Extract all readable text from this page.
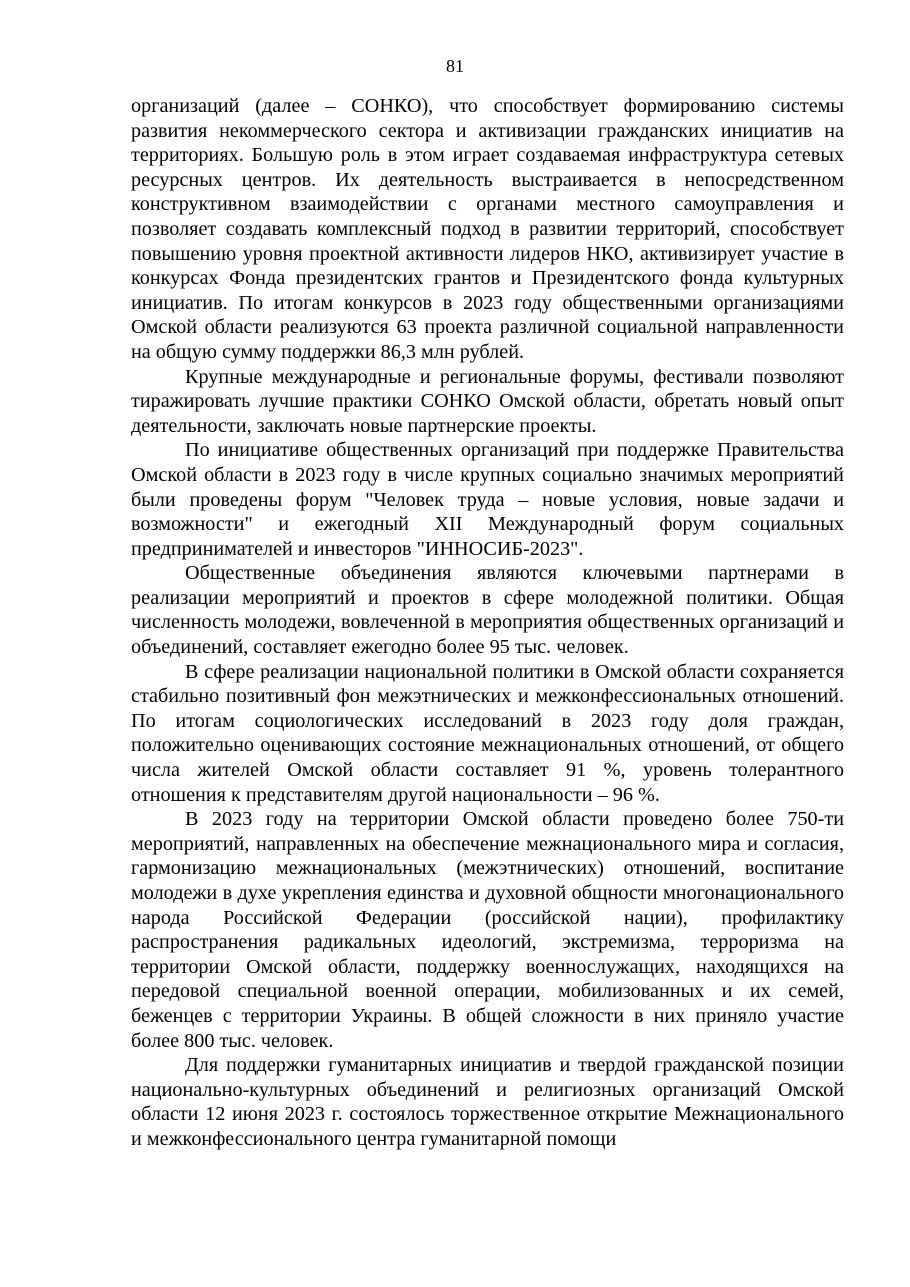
81

организаций (далее – СОНКО), что способствует формированию системы развития некоммерческого сектора и активизации гражданских инициатив на территориях. Большую роль в этом играет создаваемая инфраструктура сетевых ресурсных центров. Их деятельность выстраивается в непосредственном конструктивном взаимодействии с органами местного самоуправления и позволяет создавать комплексный подход в развитии территорий, способствует повышению уровня проектной активности лидеров НКО, активизирует участие в конкурсах Фонда президентских грантов и Президентского фонда культурных инициатив. По итогам конкурсов в 2023 году общественными организациями Омской области реализуются 63 проекта различной социальной направленности на общую сумму поддержки 86,3 млн рублей.

Крупные международные и региональные форумы, фестивали позволяют тиражировать лучшие практики СОНКО Омской области, обретать новый опыт деятельности, заключать новые партнерские проекты.

По инициативе общественных организаций при поддержке Правительства Омской области в 2023 году в числе крупных социально значимых мероприятий были проведены форум "Человек труда – новые условия, новые задачи и возможности" и ежегодный XII Международный форум социальных предпринимателей и инвесторов "ИННОСИБ-2023".

Общественные объединения являются ключевыми партнерами в реализации мероприятий и проектов в сфере молодежной политики. Общая численность молодежи, вовлеченной в мероприятия общественных организаций и объединений, составляет ежегодно более 95 тыс. человек.

В сфере реализации национальной политики в Омской области сохраняется стабильно позитивный фон межэтнических и межконфессиональных отношений. По итогам социологических исследований в 2023 году доля граждан, положительно оценивающих состояние межнациональных отношений, от общего числа жителей Омской области составляет 91 %, уровень толерантного отношения к представителям другой национальности – 96 %.

В 2023 году на территории Омской области проведено более 750-ти мероприятий, направленных на обеспечение межнационального мира и согласия, гармонизацию межнациональных (межэтнических) отношений, воспитание молодежи в духе укрепления единства и духовной общности многонационального народа Российской Федерации (российской нации), профилактику распространения радикальных идеологий, экстремизма, терроризма на территории Омской области, поддержку военнослужащих, находящихся на передовой специальной военной операции, мобилизованных и их семей, беженцев с территории Украины. В общей сложности в них приняло участие более 800 тыс. человек.

Для поддержки гуманитарных инициатив и твердой гражданской позиции национально-культурных объединений и религиозных организаций Омской области 12 июня 2023 г. состоялось торжественное открытие Межнационального и межконфессионального центра гуманитарной помощи
